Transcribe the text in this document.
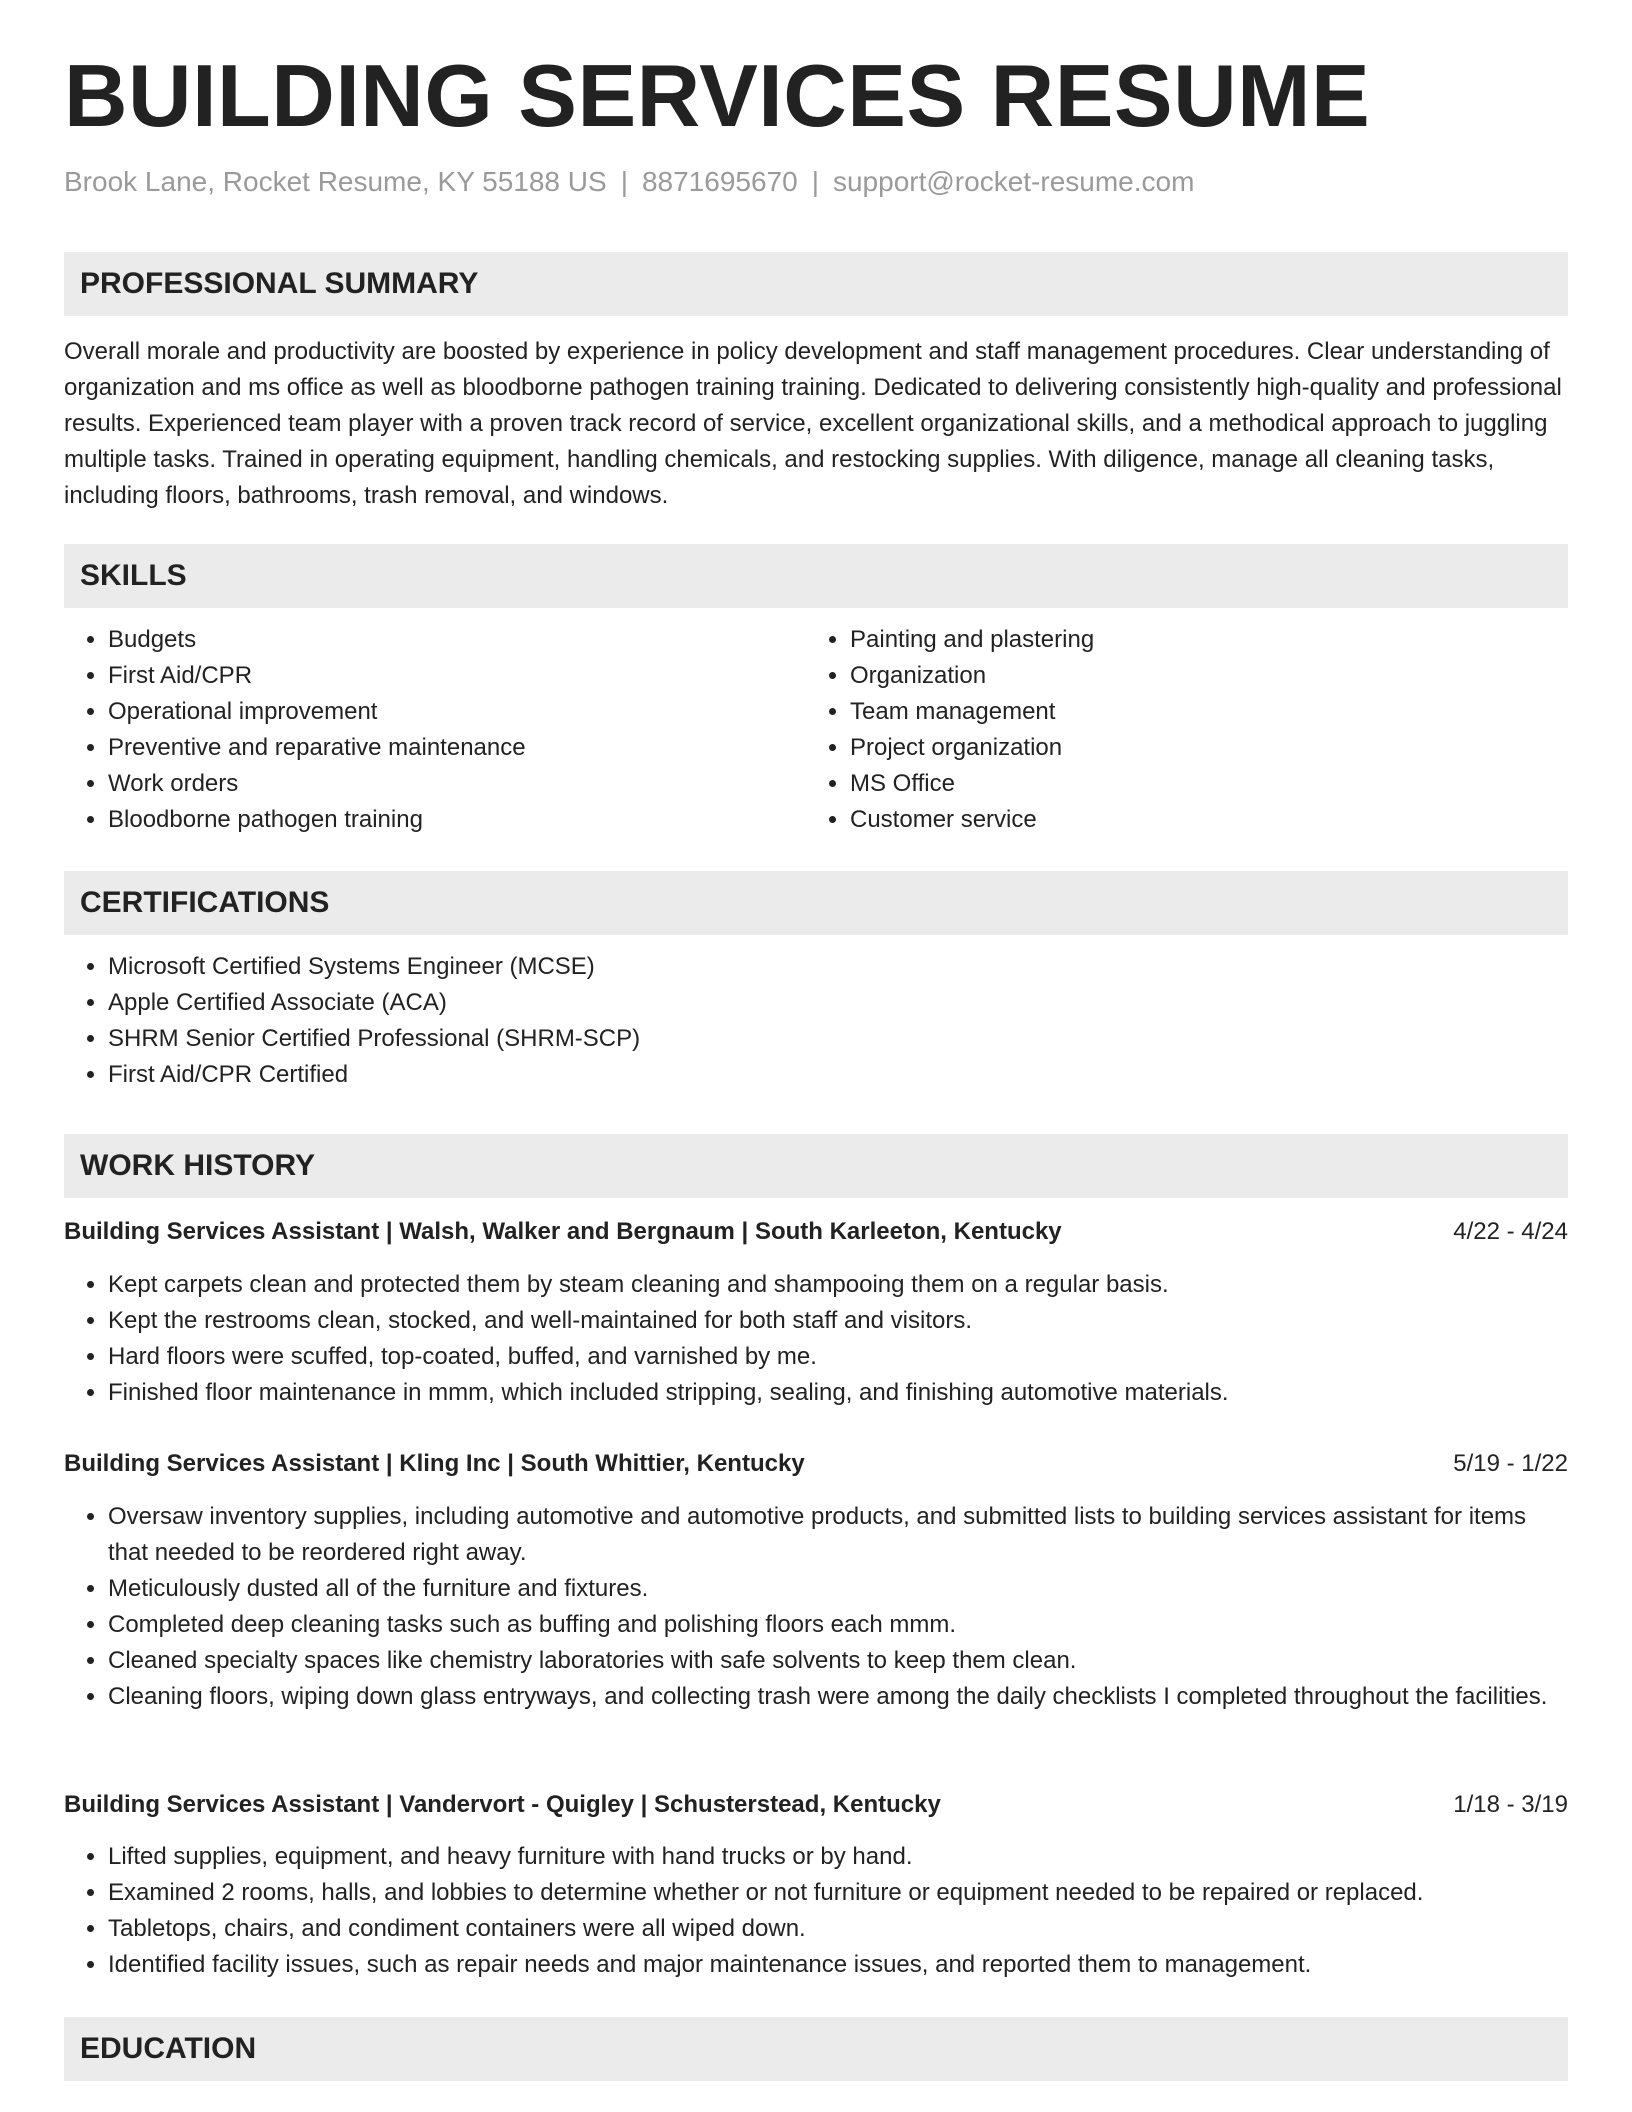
BUILDING SERVICES RESUME
Brook Lane, Rocket Resume, KY 55188 US | 8871695670 | support@rocket-resume.com
PROFESSIONAL SUMMARY

Overall morale and productivity are boosted by experience in policy development and staff management procedures. Clear understanding of organization and ms office as well as bloodborne pathogen training training. Dedicated to delivering consistently high-quality and professional results. Experienced team player with a proven track record of service, excellent organizational skills, and a methodical approach to juggling multiple tasks. Trained in operating equipment, handling chemicals, and restocking supplies. With diligence, manage all cleaning tasks, including floors, bathrooms, trash removal, and windows.

SKILLS
• Budgets
• First Aid/CPR
• Operational improvement
• Preventive and reparative maintenance
• Work orders
• Bloodborne pathogen training
• Painting and plastering
• Organization
• Team management
• Project organization
• MS Office
• Customer service
CERTIFICATIONS
• Microsoft Certified Systems Engineer (MCSE)
• Apple Certified Associate (ACA)
• SHRM Senior Certified Professional (SHRM-SCP)
• First Aid/CPR Certified
WORK HISTORY
Building Services Assistant | Walsh, Walker and Bergnaum | South Karleeton, Kentucky	4/22 - 4/24
• Kept carpets clean and protected them by steam cleaning and shampooing them on a regular basis.
• Kept the restrooms clean, stocked, and well-maintained for both staff and visitors.
• Hard floors were scuffed, top-coated, buffed, and varnished by me.
• Finished floor maintenance in mmm, which included stripping, sealing, and finishing automotive materials.
Building Services Assistant | Kling Inc | South Whittier, Kentucky	5/19 - 1/22
• Oversaw inventory supplies, including automotive and automotive products, and submitted lists to building services assistant for items that needed to be reordered right away.
• Meticulously dusted all of the furniture and fixtures.
• Completed deep cleaning tasks such as buffing and polishing floors each mmm.
• Cleaned specialty spaces like chemistry laboratories with safe solvents to keep them clean.
• Cleaning floors, wiping down glass entryways, and collecting trash were among the daily checklists I completed throughout the facilities.
Building Services Assistant | Vandervort - Quigley | Schusterstead, Kentucky	1/18 - 3/19
• Lifted supplies, equipment, and heavy furniture with hand trucks or by hand.
• Examined 2 rooms, halls, and lobbies to determine whether or not furniture or equipment needed to be repaired or replaced.
• Tabletops, chairs, and condiment containers were all wiped down.
• Identified facility issues, such as repair needs and major maintenance issues, and reported them to management.
EDUCATION
